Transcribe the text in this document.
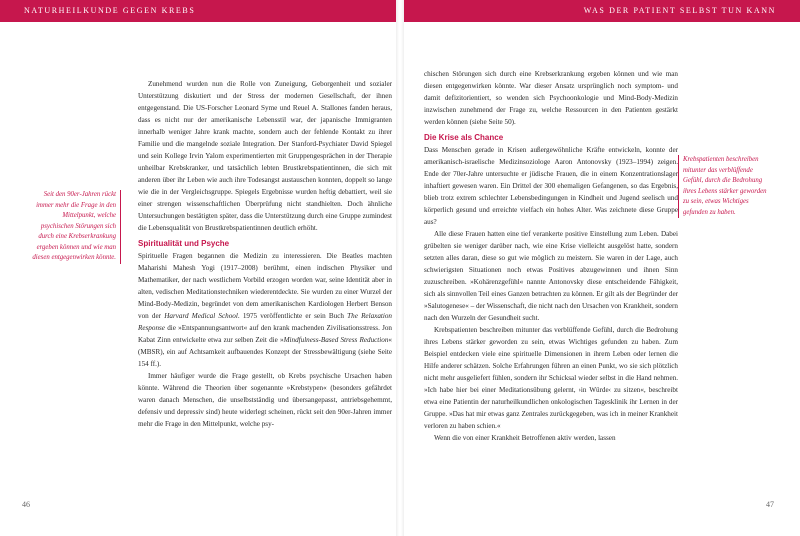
NATURHEILKUNDE GEGEN KREBS	WAS DER PATIENT SELBST TUN KANN
Seit den 90er-Jahren rückt immer mehr die Frage in den Mittelpunkt, welche psychischen Störungen sich durch eine Krebserkrankung ergeben können und wie man diesen entgegenwirken könnte.

Zunehmend wurden nun die Rolle von Zuneigung, Geborgenheit und sozialer Unterstützung diskutiert und der Stress der modernen Gesellschaft, der ihnen entgegenstand. Die US-Forscher Leonard Syme und Reuel A. Stallones fanden heraus, dass es nicht nur der amerikanische Lebensstil war, der japanische Immigranten innerhalb weniger Jahre krank machte, sondern auch der fehlende Kontakt zu ihrer Familie und die mangelnde soziale Integration. Der Stanford-Psychiater David Spiegel und sein Kollege Irvin Yalom experimentierten mit Gruppengesprächen in der Therapie unheilbar Krebskranker, und tatsächlich lebten Brustkrebspatientinnen, die sich mit anderen über ihr Leben wie auch ihre Todesangst austauschen konnten, doppelt so lange wie die in der Vergleichsgruppe. Spiegels Ergebnisse wurden heftig debattiert, weil sie einer strengen wissenschaftlichen Überprüfung nicht standhielten. Doch ähnliche Untersuchungen bestätigten später, dass die Unterstützung durch eine Gruppe zumindest die Lebensqualität von Brustkrebspatientinnen deutlich erhöht.

Spiritualität und Psyche

Spirituelle Fragen begannen die Medizin zu interessieren. Die Beatles machten Maharishi Mahesh Yogi (1917–2008) berühmt, einen indischen Physiker und Mathematiker, der nach westlichem Vorbild erzogen worden war, seine Identität aber in alten, vedischen Meditationstechniken wiederentdeckte. Sie wurden zu einer Wurzel der Mind-Body-Medizin, begründet von dem amerikanischen Kardiologen Herbert Benson von der Harvard Medical School. 1975 veröffentlichte er sein Buch The Relaxation Response die »Entspannungsantwort« auf den krank machenden Zivilisationsstress. Jon Kabat Zinn entwickelte etwa zur selben Zeit die »Mindfulness-Based Stress Reduction« (MBSR), ein auf Achtsamkeit aufbauendes Konzept der Stressbewältigung (siehe Seite 154 ff.).

Immer häufiger wurde die Frage gestellt, ob Krebs psychische Ursachen haben könnte. Während die Theorien über sogenannte »Krebstypen« (besonders gefährdet waren danach Menschen, die unselbstständig und übersangepasst, antriebsgehemmt, defensiv und depressiv sind) heute widerlegt scheinen, rückt seit den 90er-Jahren immer mehr die Frage in den Mittelpunkt, welche psy-

chischen Störungen sich durch eine Krebserkrankung ergeben können und wie man diesen entgegenwirken könnte. War dieser Ansatz ursprünglich noch symptom- und damit defizitorientiert, so wenden sich Psychoonkologie und Mind-Body-Medizin inzwischen zunehmend der Frage zu, welche Ressourcen in den Patienten gestärkt werden können (siehe Seite 50).

Die Krise als Chance

Dass Menschen gerade in Krisen außergewöhnliche Kräfte entwickeln, konnte der amerikanisch-israelische Medizinsoziologe Aaron Antonovsky (1923–1994) zeigen. Ende der 70er-Jahre untersuchte er jüdische Frauen, die in einem Konzentrationslager inhaftiert gewesen waren. Ein Drittel der 300 ehemaligen Gefangenen, so das Ergebnis, blieb trotz extrem schlechter Lebensbedingungen in Kindheit und Jugend seelisch und körperlich gesund und erreichte vielfach ein hohes Alter. Was zeichnete diese Gruppe aus?

Alle diese Frauen hatten eine tief verankerte positive Einstellung zum Leben. Dabei grübelten sie weniger darüber nach, wie eine Krise vielleicht ausgelöst hatte, sondern setzten alles daran, diese so gut wie möglich zu meistern. Sie waren in der Lage, auch schwierigsten Situationen noch etwas Positives abzugewinnen und ihnen Sinn zuzuschreiben. »Kohärenzgefühl« nannte Antonovsky diese entscheidende Fähigkeit, sich als sinnvollen Teil eines Ganzen betrachten zu können. Er gilt als der Begründer der »Salutogenese« – der Wissenschaft, die nicht nach den Ursachen von Krankheit, sondern nach den Wurzeln der Gesundheit sucht.

Krebspatienten beschreiben mitunter das verblüffende Gefühl, durch die Bedrohung ihres Lebens stärker geworden zu sein, etwas Wichtiges gefunden zu haben. Zum Beispiel entdecken viele eine spirituelle Dimensionen in ihrem Leben oder lernen die Hilfe anderer schätzen. Solche Erfahrungen führen an einen Punkt, wo sie sich plötzlich nicht mehr ausgeliefert fühlen, sondern ihr Schicksal wieder selbst in die Hand nehmen. »Ich habe hier bei einer Meditationsübung gelernt, ›in Würde‹ zu sitzen«, beschreibt etwa eine Patientin der naturheilkundlichen onkologischen Tagesklinik ihr Lernen in der Gruppe. »Das hat mir etwas ganz Zentrales zurückgegeben, was ich in meiner Krankheit verloren zu haben schien.«

Wenn die von einer Krankheit Betroffenen aktiv werden, lassen

Krebspatienten beschreiben mitunter das verblüffende Gefühl, durch die Bedrohung ihres Lebens stärker geworden zu sein, etwas Wichtiges gefunden zu haben.
46	47
